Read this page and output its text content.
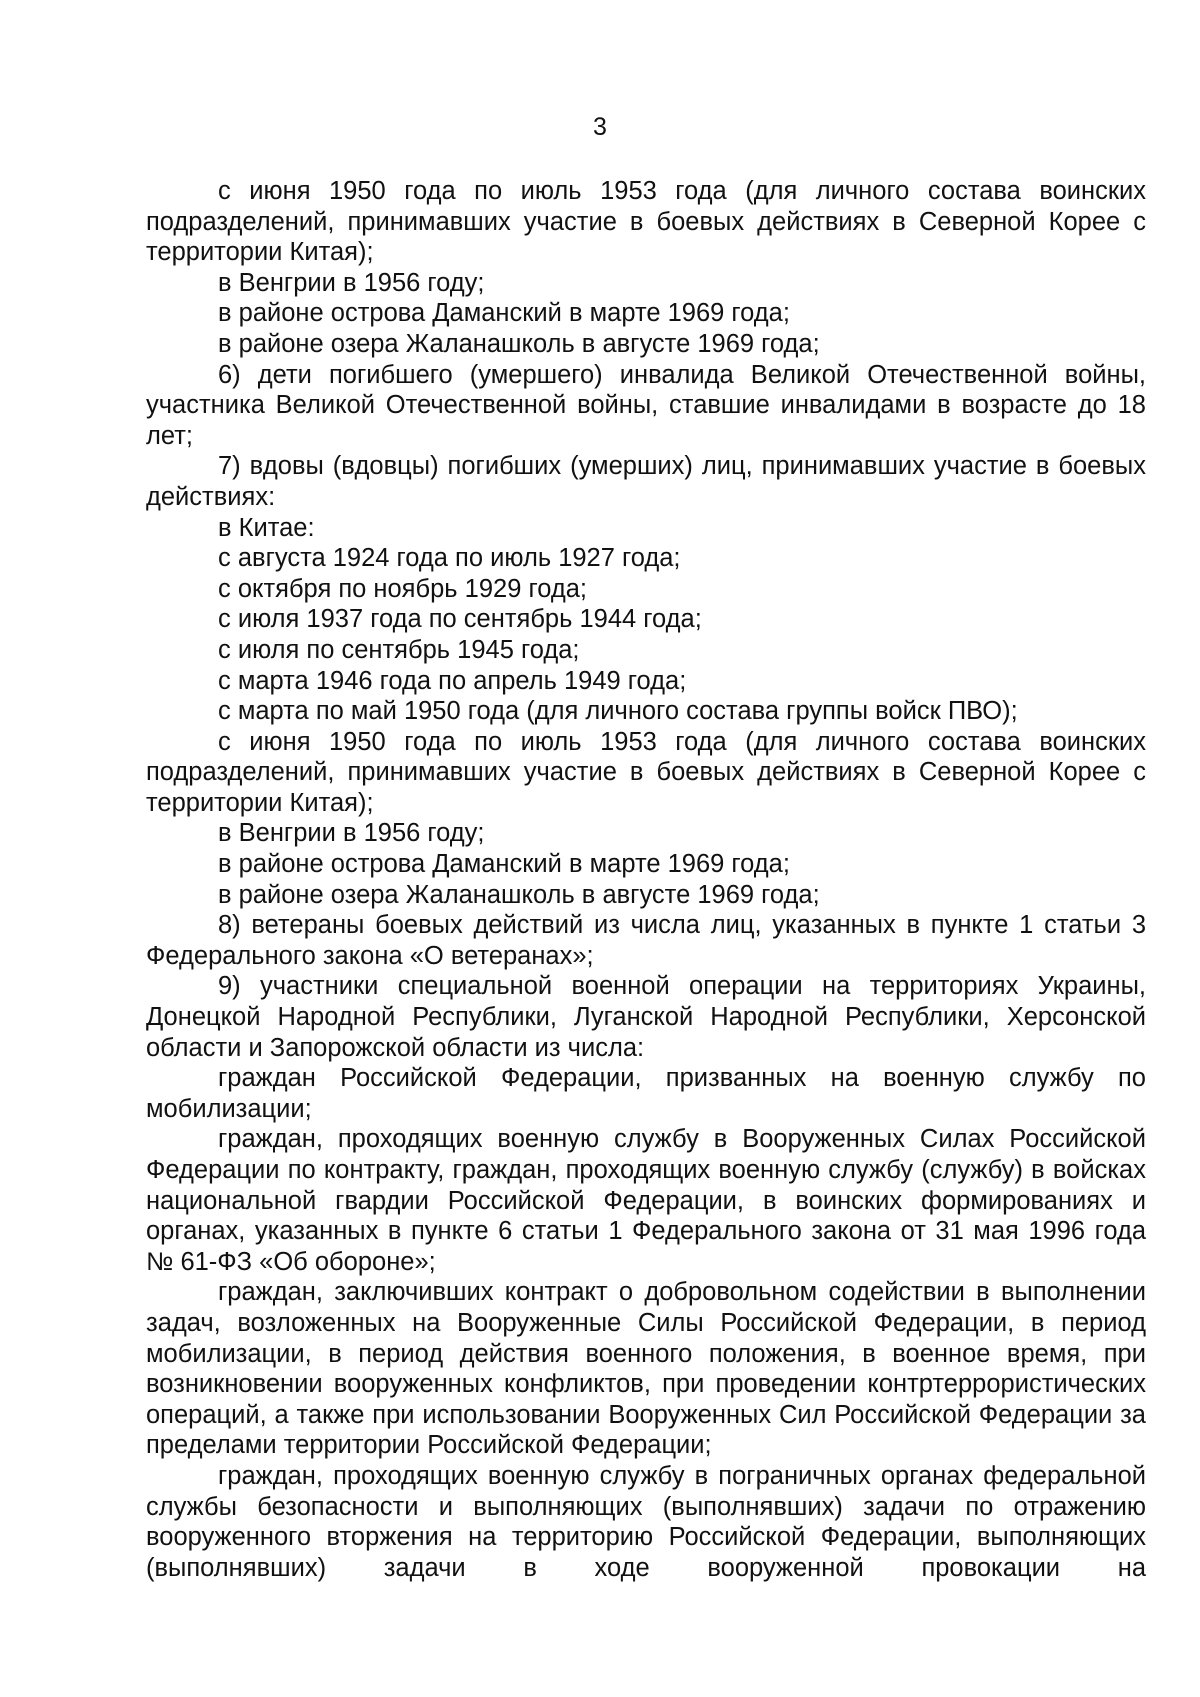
3

с июня 1950 года по июль 1953 года (для личного состава воинских подразделений, принимавших участие в боевых действиях в Северной Корее с территории Китая);

в Венгрии в 1956 году;

в районе острова Даманский в марте 1969 года;

в районе озера Жаланашколь в августе 1969 года;

6) дети погибшего (умершего) инвалида Великой Отечественной войны, участника Великой Отечественной войны, ставшие инвалидами в возрасте до 18 лет;

7) вдовы (вдовцы) погибших (умерших) лиц, принимавших участие в боевых действиях:

в Китае:

с августа 1924 года по июль 1927 года;

с октября по ноябрь 1929 года;

с июля 1937 года по сентябрь 1944 года;

с июля по сентябрь 1945 года;

с марта 1946 года по апрель 1949 года;

с марта по май 1950 года (для личного состава группы войск ПВО);

с июня 1950 года по июль 1953 года (для личного состава воинских подразделений, принимавших участие в боевых действиях в Северной Корее с территории Китая);

в Венгрии в 1956 году;

в районе острова Даманский в марте 1969 года;

в районе озера Жаланашколь в августе 1969 года;

8) ветераны боевых действий из числа лиц, указанных в пункте 1 статьи 3 Федерального закона «О ветеранах»;

9) участники специальной военной операции на территориях Украины, Донецкой Народной Республики, Луганской Народной Республики, Херсонской области и Запорожской области из числа:

граждан Российской Федерации, призванных на военную службу по мобилизации;

граждан, проходящих военную службу в Вооруженных Силах Российской Федерации по контракту, граждан, проходящих военную службу (службу) в войсках национальной гвардии Российской Федерации, в воинских формированиях и органах, указанных в пункте 6 статьи 1 Федерального закона от 31 мая 1996 года № 61-ФЗ «Об обороне»;

граждан, заключивших контракт о добровольном содействии в выполнении задач, возложенных на Вооруженные Силы Российской Федерации, в период мобилизации, в период действия военного положения, в военное время, при возникновении вооруженных конфликтов, при проведении контртеррористических операций, а также при использовании Вооруженных Сил Российской Федерации за пределами территории Российской Федерации;

граждан, проходящих военную службу в пограничных органах федеральной службы безопасности и выполняющих (выполнявших) задачи по отражению вооруженного вторжения на территорию Российской Федерации, выполняющих (выполнявших) задачи в ходе вооруженной провокации на
